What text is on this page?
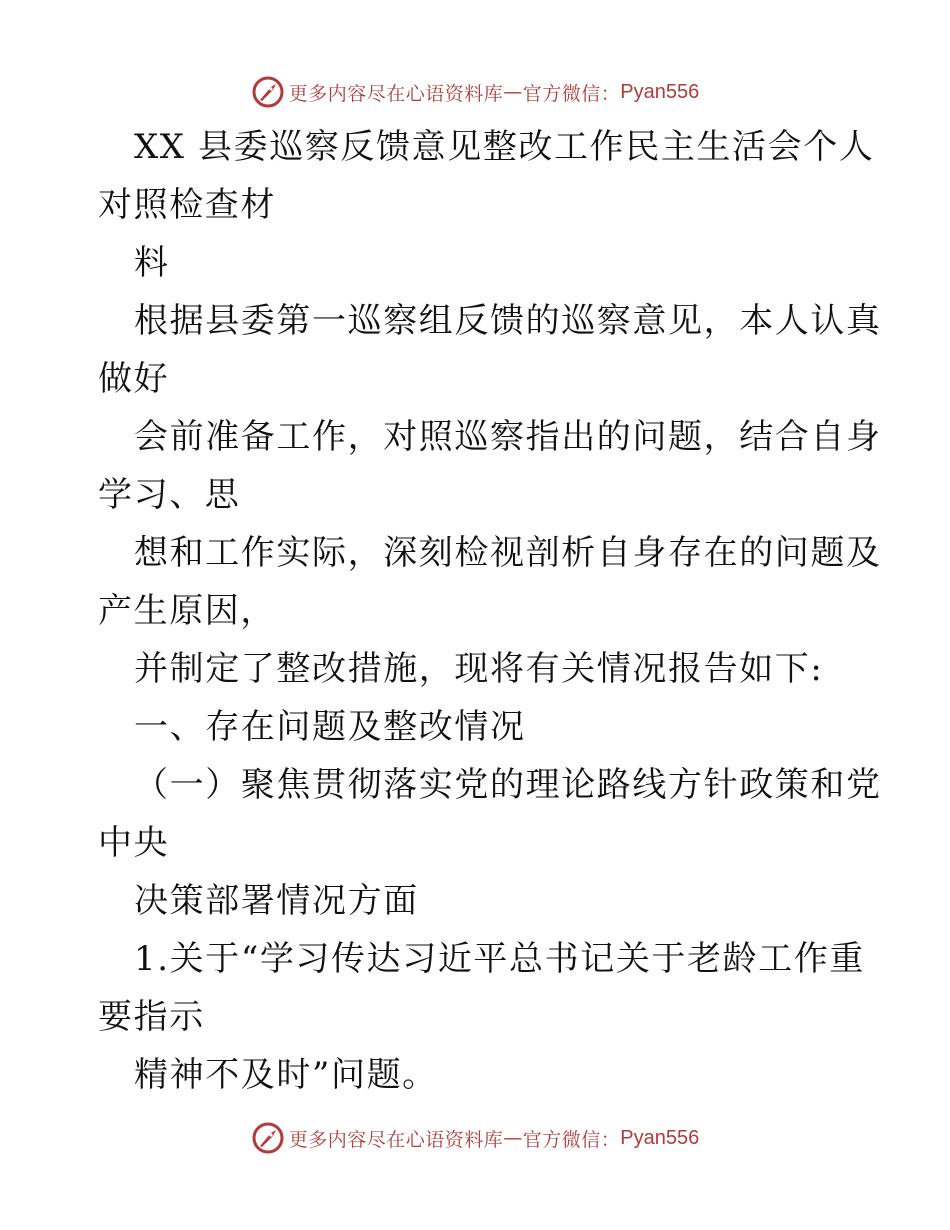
更多内容尽在心语资料库 — 官方微信： Pyan556
XX 县委巡察反馈意见整改工作民主生活会个人
对照检查材
料
根据县委第一巡察组反馈的巡察意见，本人认真
做好
会前准备工作，对照巡察指出的问题，结合自身
学习、思
想和工作实际，深刻检视剖析自身存在的问题及
产生原因，
并制定了整改措施，现将有关情况报告如下:
一、存在问题及整改情况
（一）聚焦贯彻落实党的理论路线方针政策和党
中央
决策部署情况方面
1.关于“学习传达习近平总书记关于老龄工作重
要指示
精神不及时”问题。
更多内容尽在心语资料库 — 官方微信： Pyan556
